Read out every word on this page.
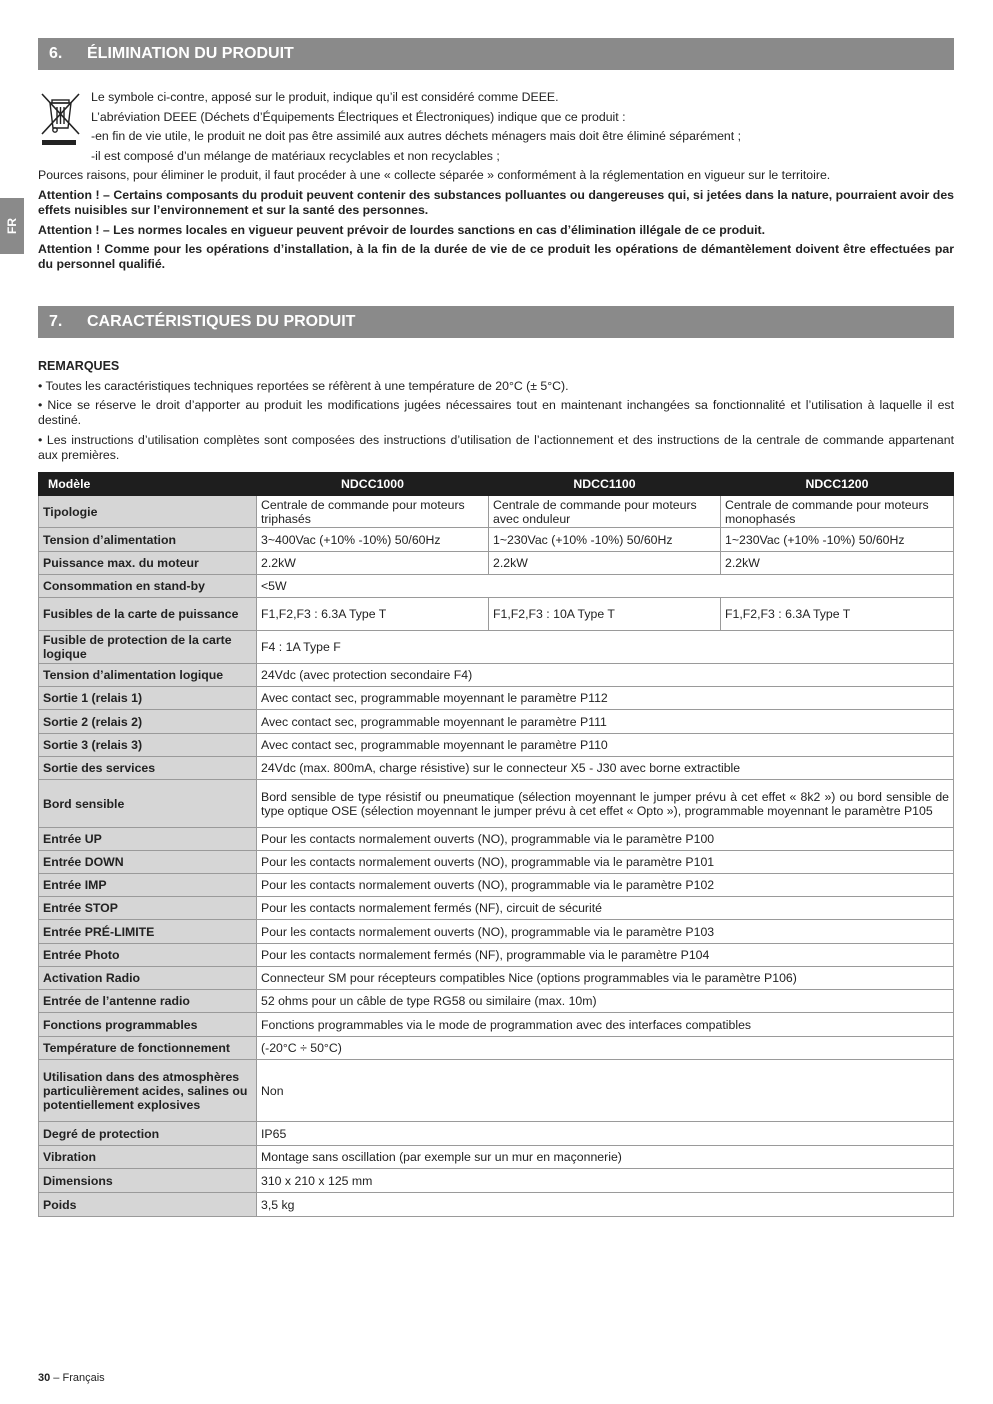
FR
6.	ÉLIMINATION DU PRODUIT

Le symbole ci-contre, apposé sur le produit, indique qu’il est considéré comme DEEE.

L’abréviation DEEE (Déchets d’Équipements Électriques et Électroniques) indique que ce produit :

-en fin de vie utile, le produit ne doit pas être assimilé aux autres déchets ménagers mais doit être éliminé séparément ;

-il est composé d’un mélange de matériaux recyclables et non recyclables ;

Pources raisons, pour éliminer le produit, il faut procéder à une « collecte séparée » conformément à la réglementation en vigueur sur le territoire.

Attention ! – Certains composants du produit peuvent contenir des substances polluantes ou dangereuses qui, si jetées dans la nature, pourraient avoir des effets nuisibles sur l’environnement et sur la santé des personnes.

Attention ! – Les normes locales en vigueur peuvent prévoir de lourdes sanctions en cas d’élimination illégale de ce produit.

Attention ! Comme pour les opérations d’installation, à la fin de la durée de vie de ce produit les opérations de démantèlement doivent être effectuées par du personnel qualifié.

7.	CARACTÉRISTIQUES DU PRODUIT

REMARQUES

• Toutes les caractéristiques techniques reportées se réfèrent à une température de 20°C (± 5°C).

• Nice se réserve le droit d’apporter au produit les modifications jugées nécessaires tout en maintenant inchangées sa fonctionnalité et l’utilisation à laquelle il est destiné.

• Les instructions d’utilisation complètes sont composées des instructions d’utilisation de l’actionnement et des instructions de la centrale de commande appartenant aux premières.

Modèle	NDCC1000	NDCC1100	NDCC1200
Tipologie	Centrale de commande pour moteurs triphasés	Centrale de commande pour moteurs avec onduleur	Centrale de commande pour moteurs monophasés
Tension d’alimentation	3~400Vac (+10% -10%) 50/60Hz	1~230Vac (+10% -10%) 50/60Hz	1~230Vac (+10% -10%) 50/60Hz
Puissance max. du moteur	2.2kW	2.2kW	2.2kW
Consommation en stand-by	<5W		
Fusibles de la carte de puissance	F1,F2,F3 : 6.3A Type T	F1,F2,F3 : 10A Type T	F1,F2,F3 : 6.3A Type T
Fusible de protection de la carte logique	F4 : 1A Type F		
Tension d’alimentation logique	24Vdc (avec protection secondaire F4)		
Sortie 1 (relais 1)	Avec contact sec, programmable moyennant le paramètre P112		
Sortie 2 (relais 2)	Avec contact sec, programmable moyennant le paramètre P111		
Sortie 3 (relais 3)	Avec contact sec, programmable moyennant le paramètre P110		
Sortie des services	24Vdc (max. 800mA, charge résistive) sur le connecteur X5 - J30 avec borne extractible		
Bord sensible	Bord sensible de type résistif ou pneumatique (sélection moyennant le jumper prévu à cet effet « 8k2 ») ou bord sensible de type optique OSE (sélection moyennant le jumper prévu à cet effet « Opto »), programmable moyennant le paramètre P105		
Entrée UP	Pour les contacts normalement ouverts (NO), programmable via le paramètre P100		
Entrée DOWN	Pour les contacts normalement ouverts (NO), programmable via le paramètre P101		
Entrée IMP	Pour les contacts normalement ouverts (NO), programmable via le paramètre P102		
Entrée STOP	Pour les contacts normalement fermés (NF), circuit de sécurité		
Entrée PRÉ-LIMITE	Pour les contacts normalement ouverts (NO), programmable via le paramètre P103		
Entrée Photo	Pour les contacts normalement fermés (NF), programmable via le paramètre P104		
Activation Radio	Connecteur SM pour récepteurs compatibles Nice (options programmables via le paramètre P106)		
Entrée de l’antenne radio	52 ohms pour un câble de type RG58 ou similaire (max. 10m)		
Fonctions programmables	Fonctions programmables via le mode de programmation avec des interfaces compatibles		
Température de fonctionnement	(-20°C ÷ 50°C)		
Utilisation dans des atmosphères particulièrement acides, salines ou potentiellement explosives	Non		
Degré de protection	IP65		
Vibration	Montage sans oscillation (par exemple sur un mur en maçonnerie)		
Dimensions	310 x 210 x 125 mm		
Poids	3,5 kg		
30 – Français
